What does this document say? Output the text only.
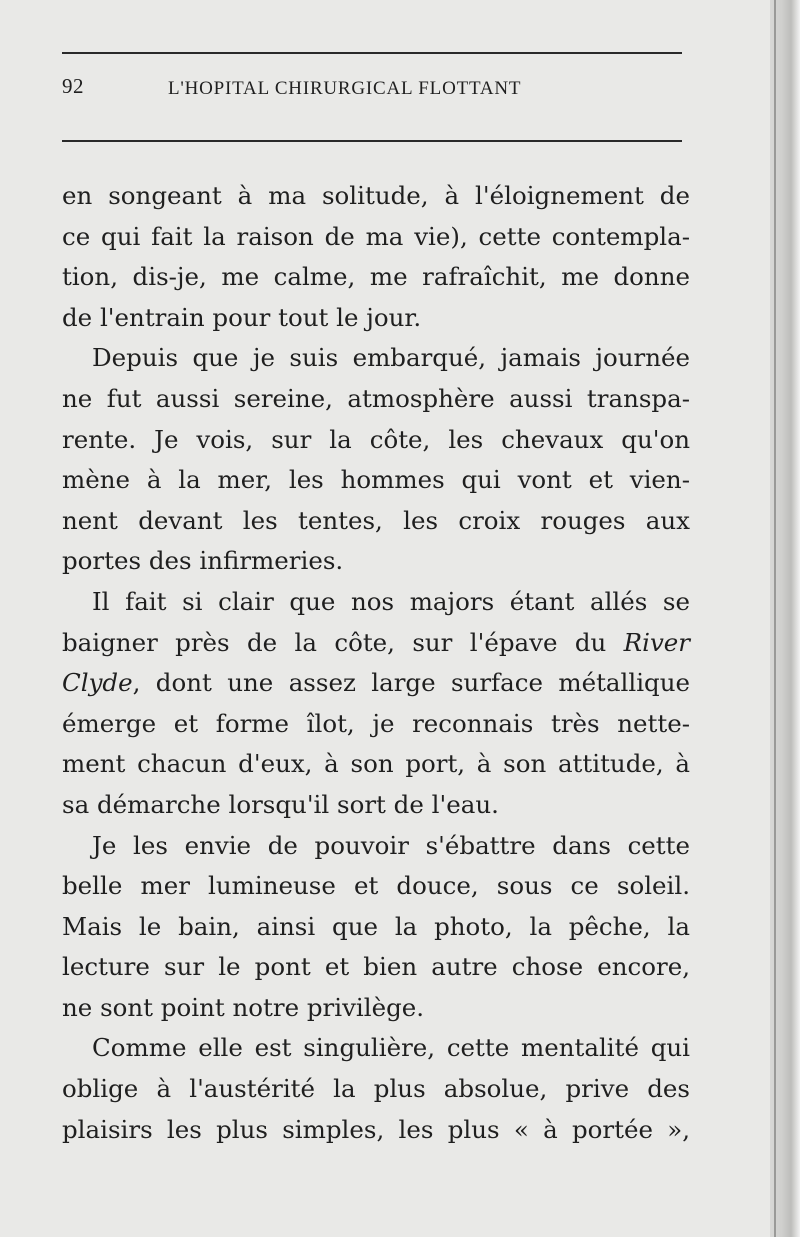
92	L'HOPITAL CHIRURGICAL FLOTTANT
en songeant à ma solitude, à l'éloignement de
ce qui fait la raison de ma vie), cette contempla-
tion, dis-je, me calme, me rafraîchit, me donne
de l'entrain pour tout le jour.
Depuis que je suis embarqué, jamais journée
ne fut aussi sereine, atmosphère aussi transpa-
rente. Je vois, sur la côte, les chevaux qu'on
mène à la mer, les hommes qui vont et vien-
nent devant les tentes, les croix rouges aux
portes des infirmeries.
Il fait si clair que nos majors étant allés se
baigner près de la côte, sur l'épave du River
Clyde, dont une assez large surface métallique
émerge et forme îlot, je reconnais très nette-
ment chacun d'eux, à son port, à son attitude, à
sa démarche lorsqu'il sort de l'eau.
Je les envie de pouvoir s'ébattre dans cette
belle mer lumineuse et douce, sous ce soleil.
Mais le bain, ainsi que la photo, la pêche, la
lecture sur le pont et bien autre chose encore,
ne sont point notre privilège.
Comme elle est singulière, cette mentalité qui
oblige à l'austérité la plus absolue, prive des
plaisirs les plus simples, les plus « à portée »,
